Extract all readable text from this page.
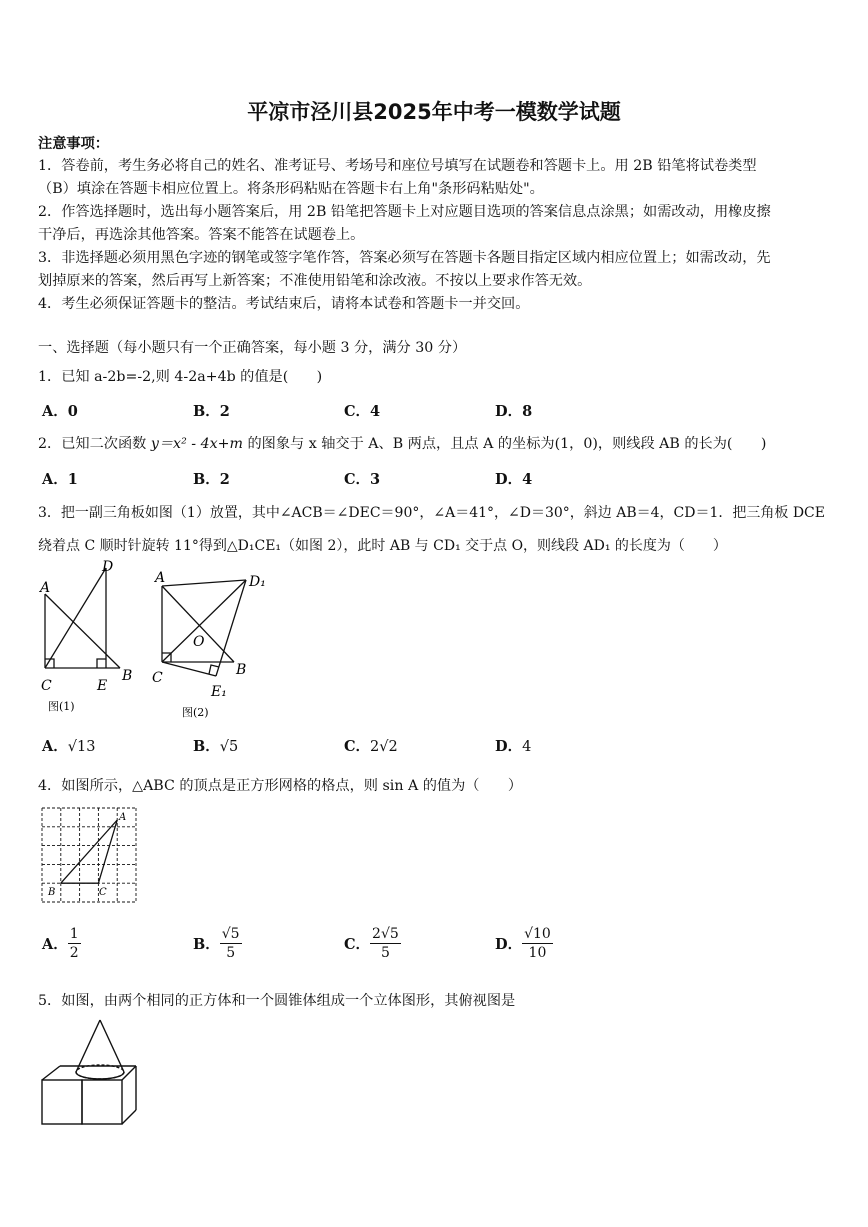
平凉市泾川县2025年中考一模数学试题
注意事项：
1．答卷前，考生务必将自己的姓名、准考证号、考场号和座位号填写在试题卷和答题卡上。用 2B 铅笔将试卷类型
（B）填涂在答题卡相应位置上。将条形码粘贴在答题卡右上角"条形码粘贴处"。
2．作答选择题时，选出每小题答案后，用 2B 铅笔把答题卡上对应题目选项的答案信息点涂黑；如需改动，用橡皮擦
干净后，再选涂其他答案。答案不能答在试题卷上。
3．非选择题必须用黑色字迹的钢笔或签字笔作答，答案必须写在答题卡各题目指定区域内相应位置上；如需改动，先
划掉原来的答案，然后再写上新答案；不准使用铅笔和涂改液。不按以上要求作答无效。
4．考生必须保证答题卡的整洁。考试结束后，请将本试卷和答题卡一并交回。
一、选择题（每小题只有一个正确答案，每小题 3 分，满分 30 分）
1．已知 a-2b=-2,则 4-2a+4b 的值是(　　)
A．0	B．2	C．4	D．8
2．已知二次函数 y＝x² ‑ 4x+m 的图象与 x 轴交于 A、B 两点，且点 A 的坐标为(1，0)，则线段 AB 的长为(　　)
A．1	B．2	C．3	D．4
3．把一副三角板如图（1）放置，其中∠ACB＝∠DEC＝90°，∠A＝41°，∠D＝30°，斜边 AB＝4，CD＝1．把三角板 DCE
绕着点 C 顺时针旋转 11°得到△D₁CE₁（如图 2），此时 AB 与 CD₁ 交于点 O，则线段 AD₁ 的长度为（　　）
A
D
C	E
B
图(1)
A	D₁
O
C	B
E₁
图(2)
A．√13	B．√5	C．2√2	D．4
4．如图所示，△ABC 的顶点是正方形网格的格点，则 sin A 的值为（　　）
A
B	C
A． $\frac{1}{2}$	B． $\frac{√5}{5}$	C． $\frac{2√5}{5}$	D． $\frac{√10}{10}$
5．如图，由两个相同的正方体和一个圆锥体组成一个立体图形，其俯视图是
